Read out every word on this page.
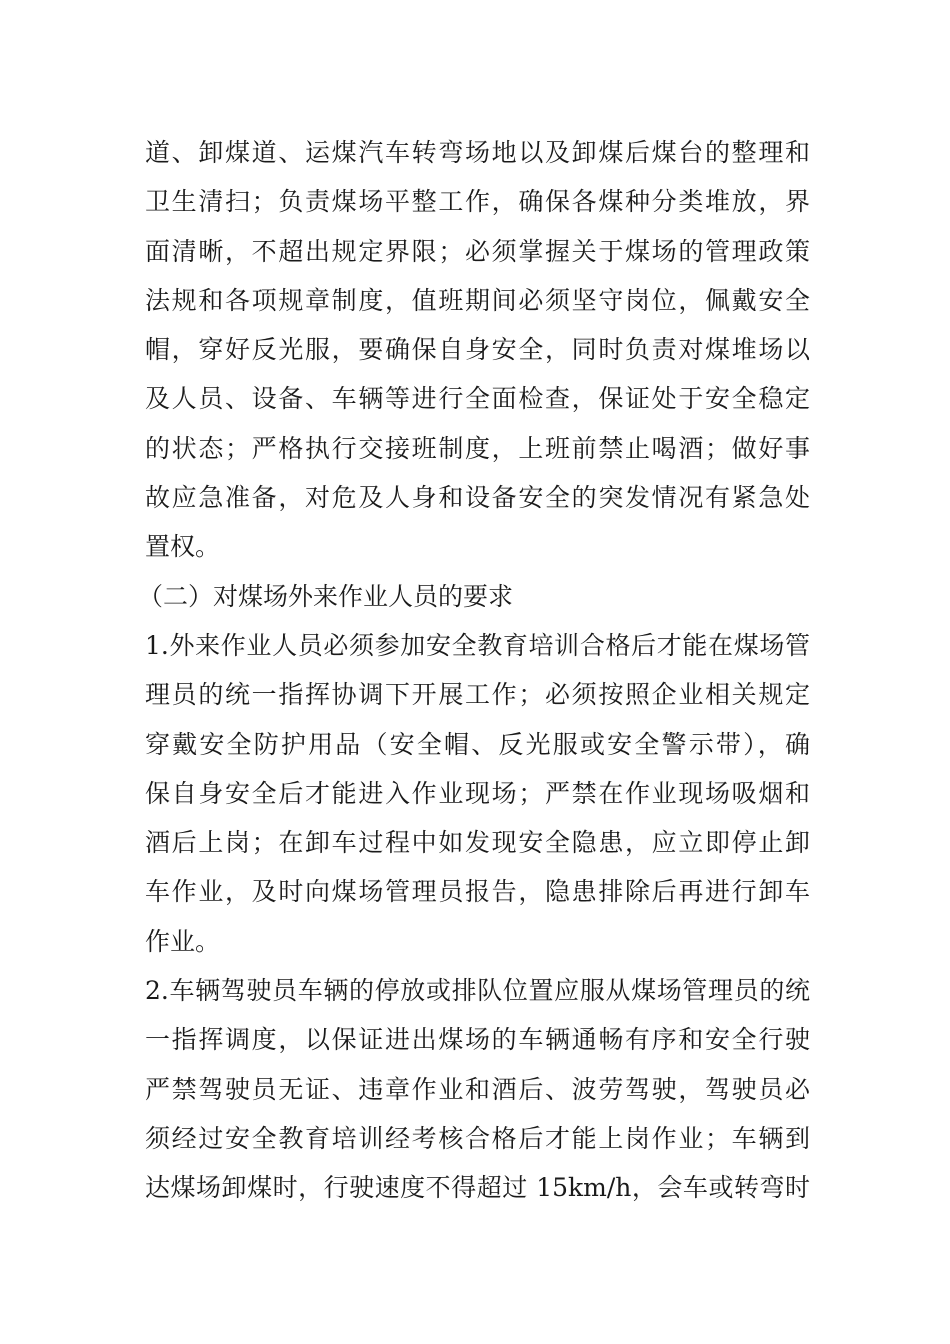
道、卸煤道、运煤汽车转弯场地以及卸煤后煤台的整理和
卫生清扫；负责煤场平整工作，确保各煤种分类堆放，界
面清晰，不超出规定界限；必须掌握关于煤场的管理政策
法规和各项规章制度，值班期间必须坚守岗位，佩戴安全
帽，穿好反光服，要确保自身安全，同时负责对煤堆场以
及人员、设备、车辆等进行全面检查，保证处于安全稳定
的状态；严格执行交接班制度，上班前禁止喝酒；做好事
故应急准备，对危及人身和设备安全的突发情况有紧急处
置权。
（二）对煤场外来作业人员的要求
1.外来作业人员必须参加安全教育培训合格后才能在煤场管
理员的统一指挥协调下开展工作；必须按照企业相关规定
穿戴安全防护用品（安全帽、反光服或安全警示带），确
保自身安全后才能进入作业现场；严禁在作业现场吸烟和
酒后上岗；在卸车过程中如发现安全隐患，应立即停止卸
车作业，及时向煤场管理员报告，隐患排除后再进行卸车
作业。
2.车辆驾驶员车辆的停放或排队位置应服从煤场管理员的统
一指挥调度，以保证进出煤场的车辆通畅有序和安全行驶
严禁驾驶员无证、违章作业和酒后、波劳驾驶，驾驶员必
须经过安全教育培训经考核合格后才能上岗作业；车辆到
达煤场卸煤时，行驶速度不得超过 15km/h，会车或转弯时
